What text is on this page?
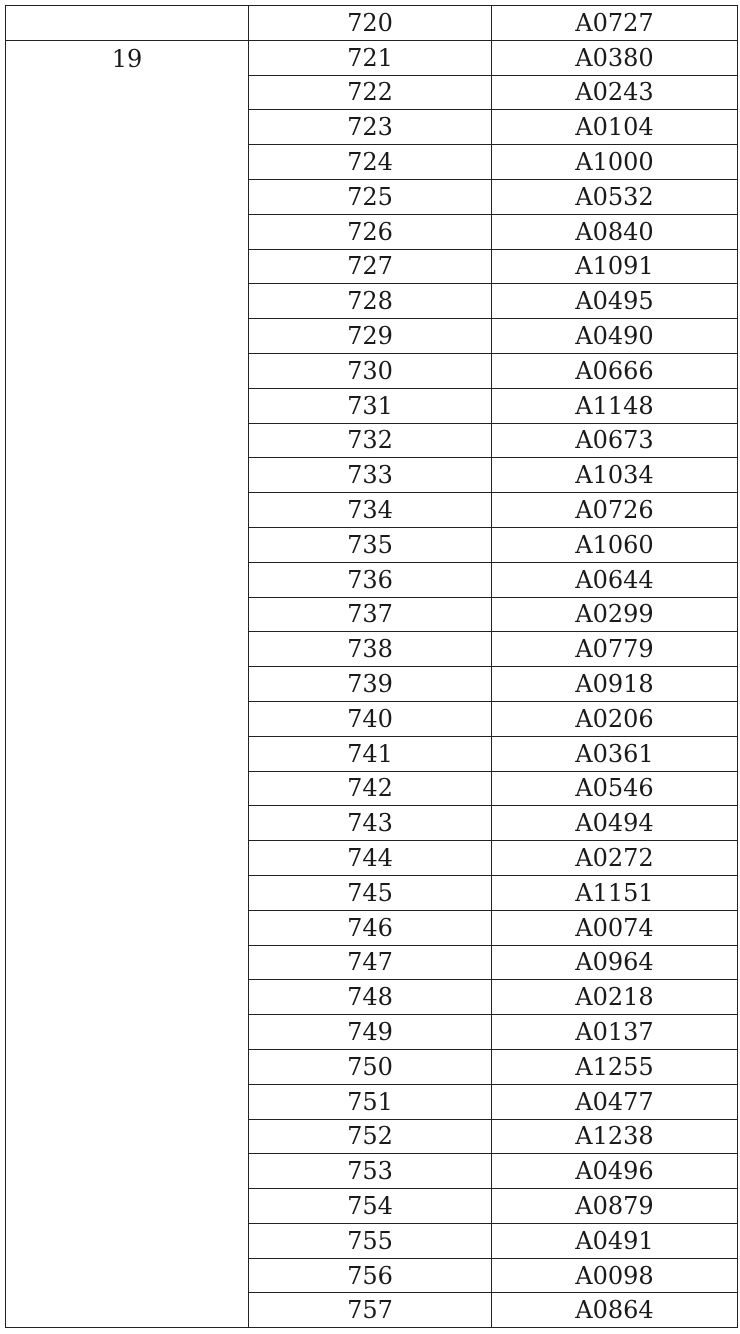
	720	A0727
19	721	A0380
	722	A0243
	723	A0104
	724	A1000
	725	A0532
	726	A0840
	727	A1091
	728	A0495
	729	A0490
	730	A0666
	731	A1148
	732	A0673
	733	A1034
	734	A0726
	735	A1060
	736	A0644
	737	A0299
	738	A0779
	739	A0918
	740	A0206
	741	A0361
	742	A0546
	743	A0494
	744	A0272
	745	A1151
	746	A0074
	747	A0964
	748	A0218
	749	A0137
	750	A1255
	751	A0477
	752	A1238
	753	A0496
	754	A0879
	755	A0491
	756	A0098
	757	A0864
